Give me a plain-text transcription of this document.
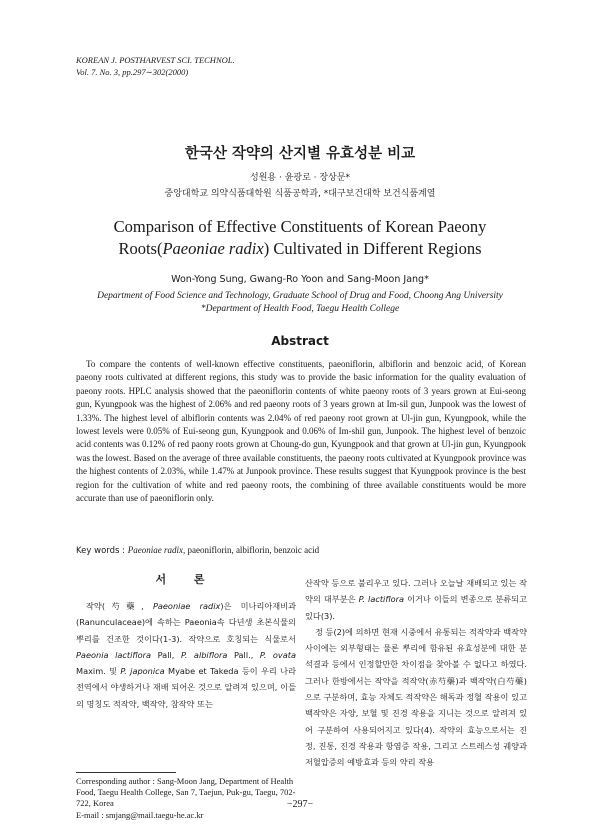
KOREAN J. POSTHARVEST SCI. TECHNOL.
Vol. 7. No. 3, pp.297∼302(2000)
한국산 작약의 산지별 유효성분 비교
성원용 · 윤광로 · 장상문*
중앙대학교 의약식품대학원 식품공학과, *대구보건대학 보건식품계열
Comparison of Effective Constituents of Korean Paeony
Roots(Paeoniae radix) Cultivated in Different Regions
Won-Yong Sung, Gwang-Ro Yoon and Sang-Moon Jang*
Department of Food Science and Technology, Graduate School of Drug and Food, Choong Ang University
*Department of Health Food, Taegu Health College
Abstract

To compare the contents of well-known effective constituents, paeoniflorin, albiflorin and benzoic acid, of Korean paeony roots cultivated at different regions, this study was to provide the basic information for the quality evaluation of paeony roots. HPLC analysis showed that the paeoniflorin contents of white paeony roots of 3 years grown at Eui-seong gun, Kyungpook was the highest of 2.06% and red paeony roots of 3 years grown at Im-sil gun, Junpook was the lowest of 1.33%. The highest level of albiflorin contents was 2.04% of red paeony root grown at Ul-jin gun, Kyungpook, while the lowest levels were 0.05% of Eui-seong gun, Kyungpook and 0.06% of Im-shil gun, Junpook. The highest level of benzoic acid contents was 0.12% of red paony roots grown at Choung-do gun, Kyungpook and that grown at Ul-jin gun, Kyungpook was the lowest. Based on the average of three available constituents, the paeony roots cultivated at Kyungpook province was the highest contents of 2.03%, while 1.47% at Junpook province. These results suggest that Kyungpook province is the best region for the cultivation of white and red paeony roots, the combining of three available constituents would be more accurate than use of paeoniflorin only.

Key words : Paeoniae radix, paeoniflorin, albiflorin, benzoic acid
서 론

작약(芍藥, Paeoniae radix)은 미나리아재비과(Ranunculaceae)에 속하는 Paeonia속 다년생 초본식물의 뿌리를 건조한 것이다(1-3). 작약으로 호칭되는 식물로서 Paeonia lactiflora Pall, P. albiflora Pall., P. ovata Maxim. 및 P. japonica Myabe et Takeda 등이 우리 나라 전역에서 야생하거나 재배 되어온 것으로 알려져 있으며, 이들의 명칭도 적작약, 백작약, 참작약 또는

산작약 등으로 불리우고 있다. 그러나 오늘날 재배되고 있는 작약의 대부분은 P. lactiflora 이거나 이들의 변종으로 분류되고 있다(3).

정 등(2)에 의하면 현재 시중에서 유통되는 적작약과 백작약 사이에는 외부형태는 물론 뿌리에 함유된 유효성분에 대한 분석결과 등에서 인정할만한 차이점을 찾아볼 수 없다고 하였다. 그러나 한방에서는 작약을 적작약(赤芍藥)과 백작약(白芍藥)으로 구분하며, 효능 자체도 적작약은 해독과 정혈 작용이 있고 백작약은 자양, 보혈 및 진경 작용을 지니는 것으로 알려져 있어 구분하여 사용되어지고 있다(4). 작약의 효능으로서는 진정, 진통, 진경 작용과 항염증 작용, 그리고 스트레스성 궤양과 저혈압증의 예방효과 등의 약리 작용

Corresponding author : Sang-Moon Jang, Department of Health Food, Taegu Health College, San 7, Taejun, Puk-gu, Taegu, 702-722, Korea
E-mail : smjang@mail.taegu-he.ac.kr

−297−
